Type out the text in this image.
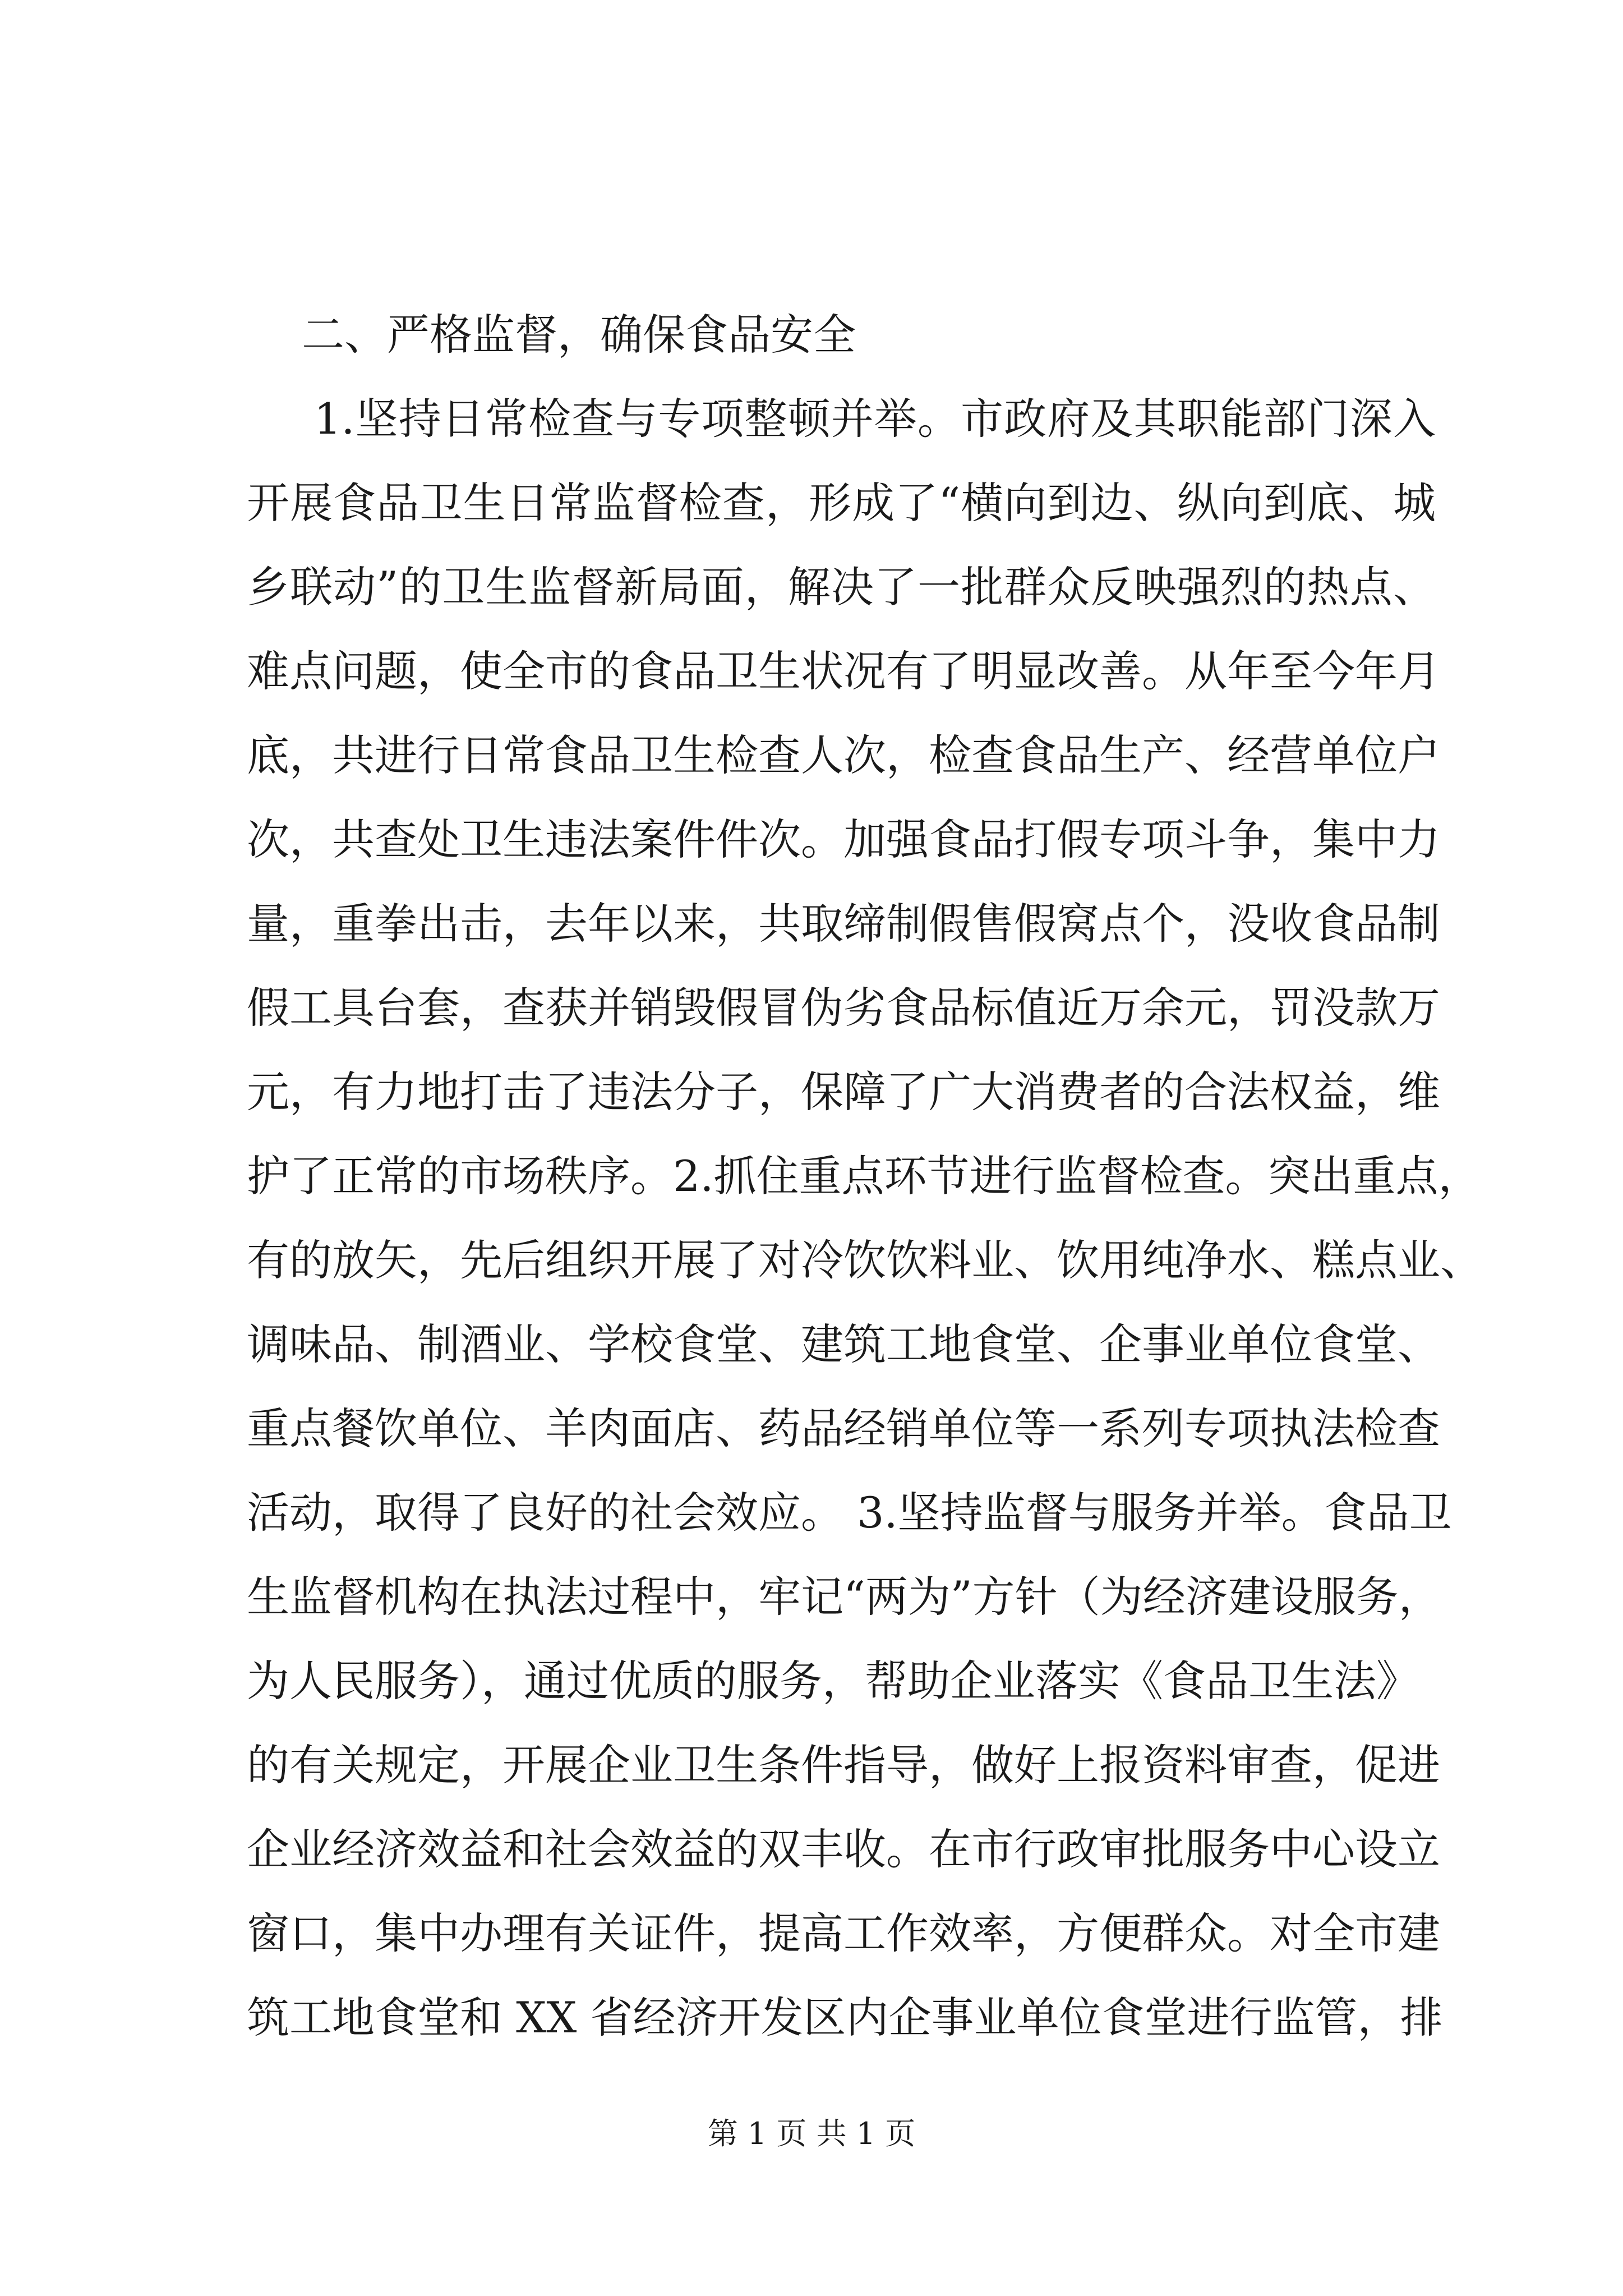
二、严格监督，确保食品安全
1.坚持日常检查与专项整顿并举。市政府及其职能部门深入
开展食品卫生日常监督检查，形成了“横向到边、纵向到底、城
乡联动”的卫生监督新局面，解决了一批群众反映强烈的热点、
难点问题，使全市的食品卫生状况有了明显改善。从年至今年月
底，共进行日常食品卫生检查人次，检查食品生产、经营单位户
次，共查处卫生违法案件件次。加强食品打假专项斗争，集中力
量，重拳出击，去年以来，共取缔制假售假窝点个，没收食品制
假工具台套，查获并销毁假冒伪劣食品标值近万余元，罚没款万
元，有力地打击了违法分子，保障了广大消费者的合法权益，维
护了正常的市场秩序。2.抓住重点环节进行监督检查。突出重点，
有的放矢，先后组织开展了对冷饮饮料业、饮用纯净水、糕点业、
调味品、制酒业、学校食堂、建筑工地食堂、企事业单位食堂、
重点餐饮单位、羊肉面店、药品经销单位等一系列专项执法检查
活动，取得了良好的社会效应。 3.坚持监督与服务并举。食品卫
生监督机构在执法过程中，牢记“两为”方针（为经济建设服务，
为人民服务），通过优质的服务，帮助企业落实《食品卫生法》
的有关规定，开展企业卫生条件指导，做好上报资料审查，促进
企业经济效益和社会效益的双丰收。在市行政审批服务中心设立
窗口，集中办理有关证件，提高工作效率，方便群众。对全市建
筑工地食堂和 XX 省经济开发区内企事业单位食堂进行监管，排
第 1 页 共 1 页
